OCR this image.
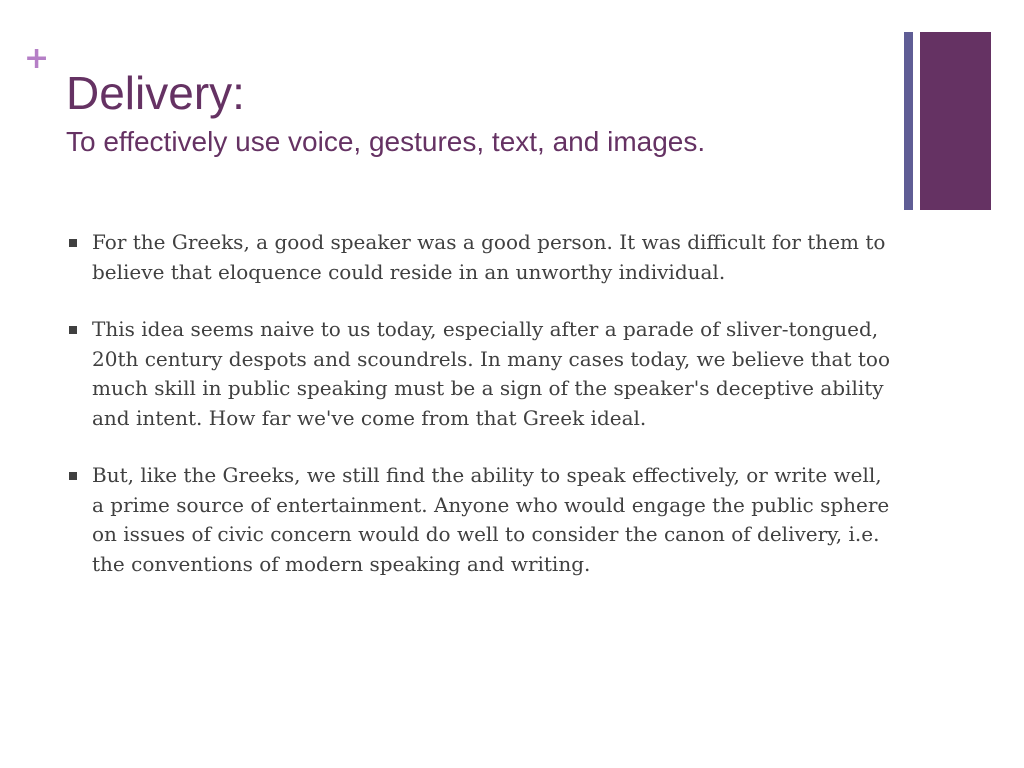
+
Delivery:
To effectively use voice, gestures, text, and images.
For the Greeks, a good speaker was a good person. It was difficult for them to believe that eloquence could reside in an unworthy individual.
This idea seems naive to us today, especially after a parade of sliver-tongued, 20th century despots and scoundrels. In many cases today, we believe that too much skill in public speaking must be a sign of the speaker's deceptive ability and intent. How far we've come from that Greek ideal.
But, like the Greeks, we still find the ability to speak effectively, or write well, a prime source of entertainment. Anyone who would engage the public sphere on issues of civic concern would do well to consider the canon of delivery, i.e. the conventions of modern speaking and writing.
